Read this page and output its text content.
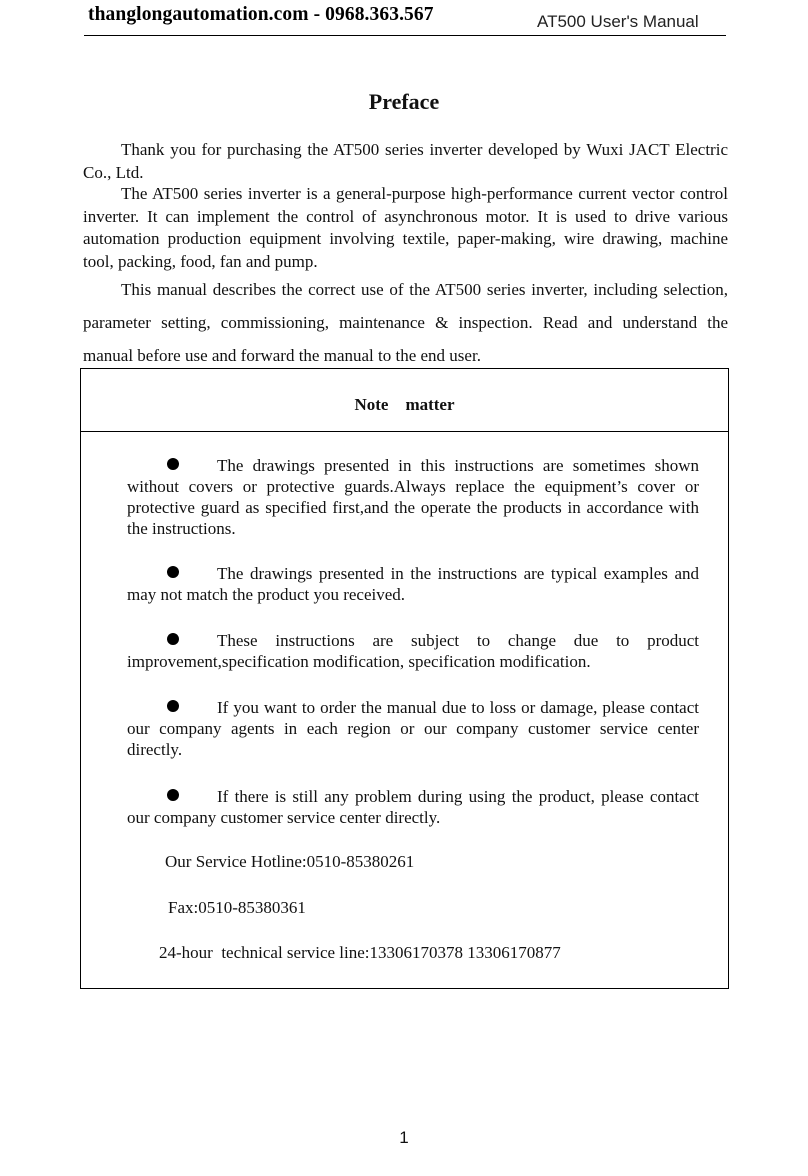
thanglongautomation.com - 0968.363.567	AT500 User's Manual
Preface

Thank you for purchasing the AT500 series inverter developed by Wuxi JACT Electric Co., Ltd.

The AT500 series inverter is a general-purpose high-performance current vector control inverter. It can implement the control of asynchronous motor. It is used to drive various automation production equipment involving textile, paper-making, wire drawing, machine tool, packing, food, fan and pump.

This manual describes the correct use of the AT500 series inverter, including selection, parameter setting, commissioning, maintenance & inspection. Read and understand the manual before use and forward the manual to the end user.

Note    matter

The drawings presented in this instructions are sometimes shown without covers or protective guards.Always replace the equipment’s cover or protective guard as specified first,and the operate the products in accordance with the instructions.

The drawings presented in the instructions are typical examples and may not match the product you received.

These instructions are subject to change due to product improvement,specification modification, specification modification.

If you want to order the manual due to loss or damage, please contact our company agents in each region or our company customer service center directly.

If there is still any problem during using the product, please contact our company customer service center directly.

Our Service Hotline:0510-85380261
Fax:0510-85380361
24-hour  technical service line:13306170378 13306170877
1
